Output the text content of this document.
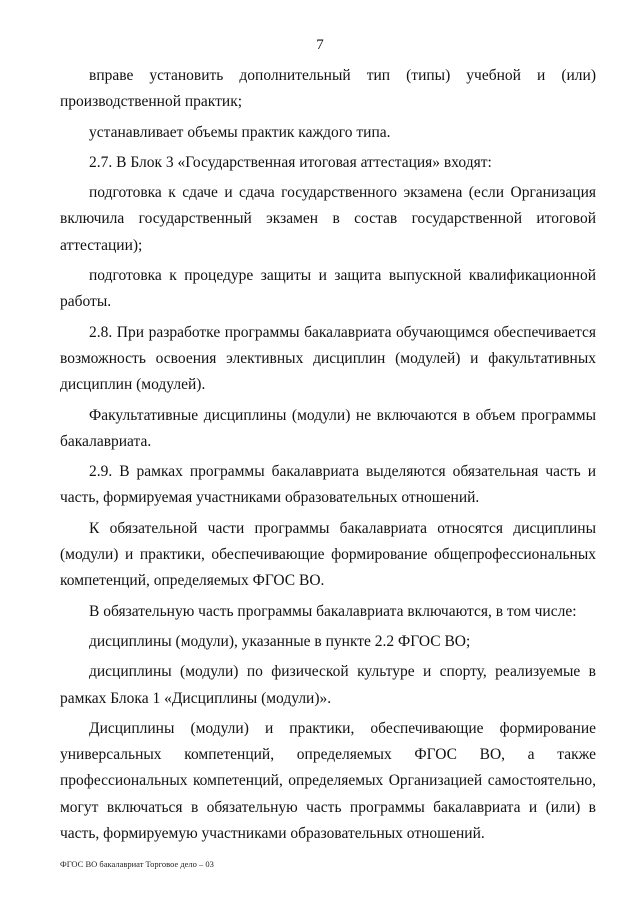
7

вправе установить дополнительный тип (типы) учебной и (или) производственной практик;

устанавливает объемы практик каждого типа.

2.7. В Блок 3 «Государственная итоговая аттестация» входят:

подготовка к сдаче и сдача государственного экзамена (если Организация включила государственный экзамен в состав государственной итоговой аттестации);

подготовка к процедуре защиты и защита выпускной квалификационной работы.

2.8. При разработке программы бакалавриата обучающимся обеспечивается возможность освоения элективных дисциплин (модулей) и факультативных дисциплин (модулей).

Факультативные дисциплины (модули) не включаются в объем программы бакалавриата.

2.9. В рамках программы бакалавриата выделяются обязательная часть и часть, формируемая участниками образовательных отношений.

К обязательной части программы бакалавриата относятся дисциплины (модули) и практики, обеспечивающие формирование общепрофессиональных компетенций, определяемых ФГОС ВО.

В обязательную часть программы бакалавриата включаются, в том числе:

дисциплины (модули), указанные в пункте 2.2 ФГОС ВО;

дисциплины (модули) по физической культуре и спорту, реализуемые в рамках Блока 1 «Дисциплины (модули)».

Дисциплины (модули) и практики, обеспечивающие формирование универсальных компетенций, определяемых ФГОС ВО, а также профессиональных компетенций, определяемых Организацией самостоятельно, могут включаться в обязательную часть программы бакалавриата и (или) в часть, формируемую участниками образовательных отношений.

ФГОС ВО бакалавриат Торговое дело – 03
